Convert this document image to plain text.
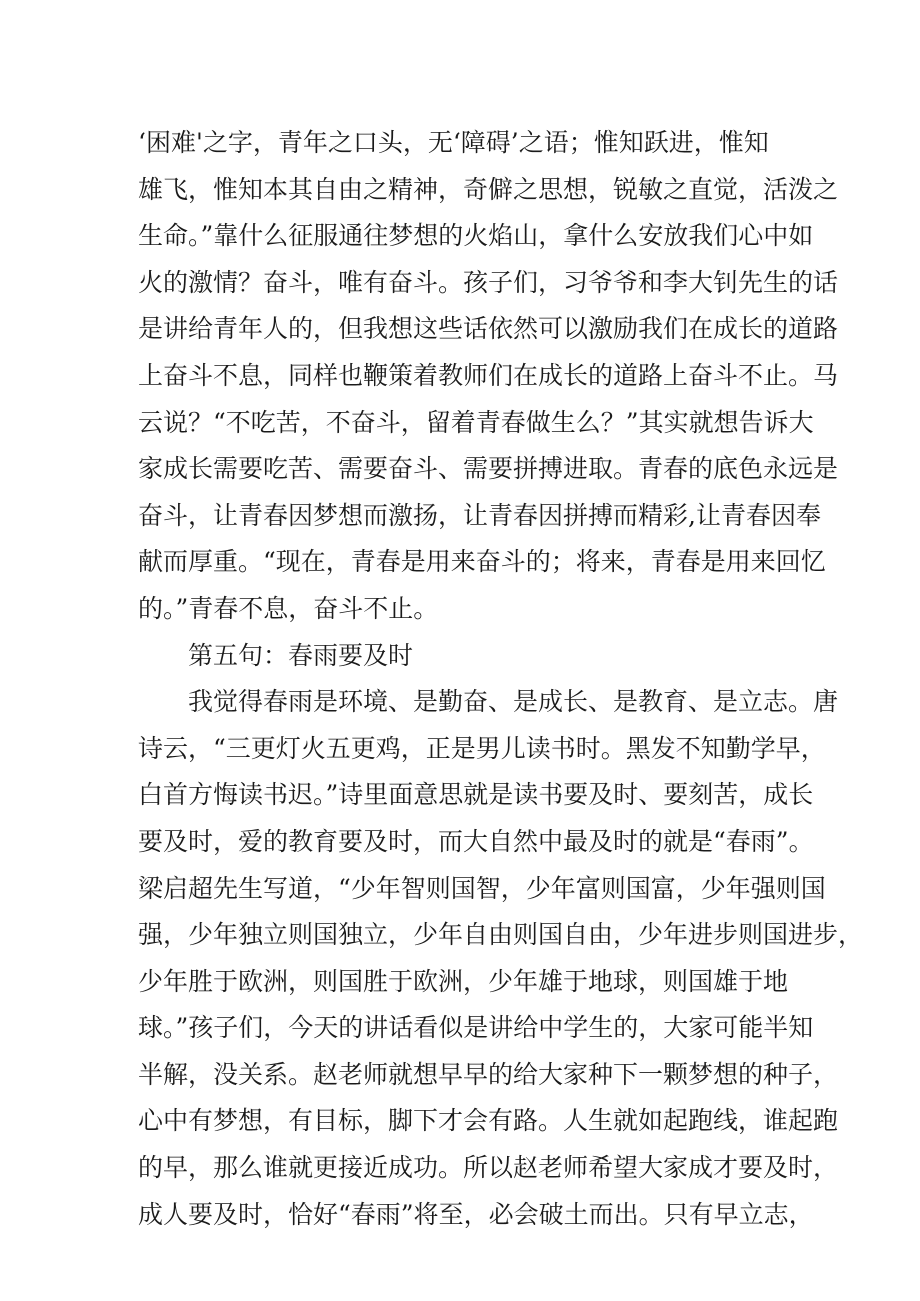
‘困难'之字，青年之口头，无‘障碍’之语；惟知跃进，惟知
雄飞，惟知本其自由之精神，奇僻之思想，锐敏之直觉，活泼之
生命。”靠什么征服通往梦想的火焰山，拿什么安放我们心中如
火的激情？奋斗，唯有奋斗。孩子们，习爷爷和李大钊先生的话
是讲给青年人的，但我想这些话依然可以激励我们在成长的道路
上奋斗不息，同样也鞭策着教师们在成长的道路上奋斗不止。马
云说？“不吃苦，不奋斗，留着青春做生么？”其实就想告诉大
家成长需要吃苦、需要奋斗、需要拼搏进取。青春的底色永远是
奋斗，让青春因梦想而激扬，让青春因拼搏而精彩,让青春因奉
献而厚重。“现在，青春是用来奋斗的；将来，青春是用来回忆
的。”青春不息，奋斗不止。
第五句：春雨要及时
我觉得春雨是环境、是勤奋、是成长、是教育、是立志。唐
诗云，“三更灯火五更鸡，正是男儿读书时。黑发不知勤学早，
白首方悔读书迟。”诗里面意思就是读书要及时、要刻苦，成长
要及时，爱的教育要及时，而大自然中最及时的就是“春雨”。
梁启超先生写道，“少年智则国智，少年富则国富，少年强则国
强，少年独立则国独立，少年自由则国自由，少年进步则国进步，
少年胜于欧洲，则国胜于欧洲，少年雄于地球，则国雄于地
球。”孩子们，今天的讲话看似是讲给中学生的，大家可能半知
半解，没关系。赵老师就想早早的给大家种下一颗梦想的种子，
心中有梦想，有目标，脚下才会有路。人生就如起跑线，谁起跑
的早，那么谁就更接近成功。所以赵老师希望大家成才要及时，
成人要及时，恰好“春雨”将至，必会破土而出。只有早立志，
